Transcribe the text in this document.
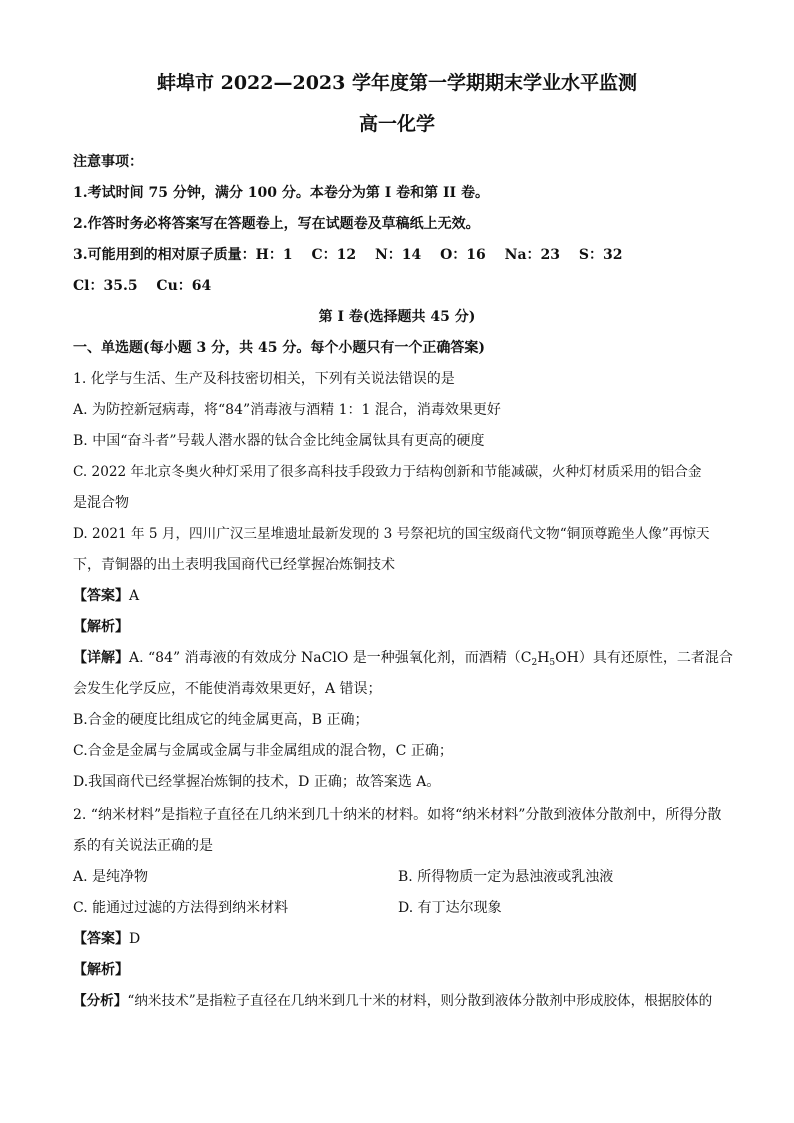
蚌埠市 2022—2023 学年度第一学期期末学业水平监测
高一化学
注意事项：
1.考试时间 75 分钟，满分 100 分。本卷分为第 I 卷和第 II 卷。
2.作答时务必将答案写在答题卷上，写在试题卷及草稿纸上无效。
3.可能用到的相对原子质量：H：1　 C：12　 N：14　 O：16　 Na：23　 S：32
Cl：35.5　 Cu：64
第 I 卷(选择题共 45 分)
一、单选题(每小题 3 分，共 45 分。每个小题只有一个正确答案)
1. 化学与生活、生产及科技密切相关，下列有关说法错误的是
A. 为防控新冠病毒，将“84”消毒液与酒精 1：1 混合，消毒效果更好
B. 中国“奋斗者”号载人潜水器的钛合金比纯金属钛具有更高的硬度
C. 2022 年北京冬奥火种灯采用了很多高科技手段致力于结构创新和节能减碳，火种灯材质采用的铝合金
是混合物
D. 2021 年 5 月，四川广汉三星堆遗址最新发现的 3 号祭祀坑的国宝级商代文物“铜顶尊跪坐人像”再惊天
下，青铜器的出土表明我国商代已经掌握冶炼铜技术
【答案】A
【解析】
【详解】A. “84” 消毒液的有效成分 NaClO 是一种强氧化剂，而酒精$(C_2H_5OH)$具有还原性，二者混合
会发生化学反应，不能使消毒效果更好，A 错误；
B.合金的硬度比组成它的纯金属更高，B 正确；
C.合金是金属与金属或金属与非金属组成的混合物，C 正确；
D.我国商代已经掌握冶炼铜的技术，D 正确；故答案选 A。
2. “纳米材料”是指粒子直径在几纳米到几十纳米的材料。如将“纳米材料”分散到液体分散剂中，所得分散
系的有关说法正确的是
A. 是纯净物	B. 所得物质一定为悬浊液或乳浊液
C. 能通过过滤的方法得到纳米材料	D. 有丁达尔现象
【答案】D
【解析】
【分析】“纳米技术”是指粒子直径在几纳米到几十米的材料，则分散到液体分散剂中形成胶体，根据胶体的
